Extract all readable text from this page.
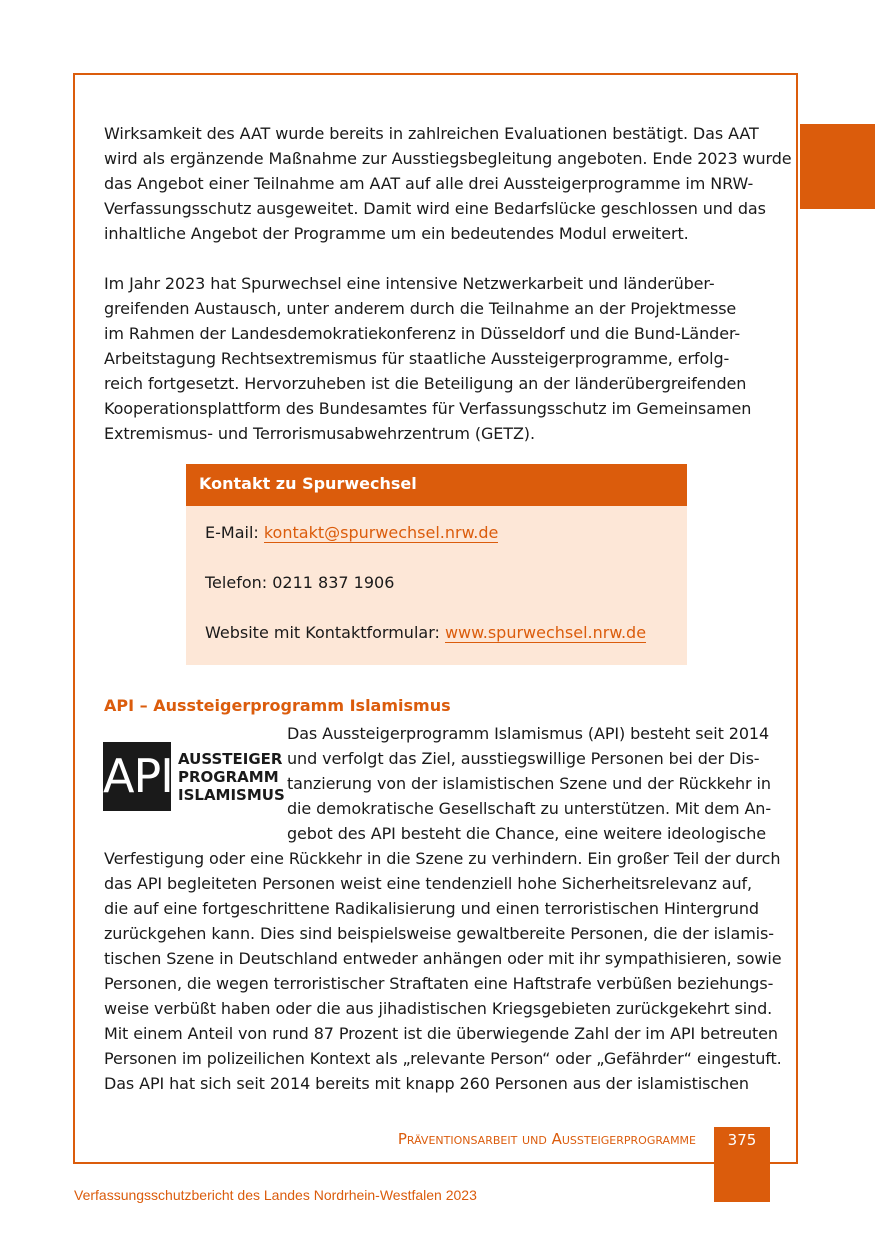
Wirksamkeit des AAT wurde bereits in zahlreichen Evaluationen bestätigt. Das AAT
wird als ergänzende Maßnahme zur Ausstiegsbegleitung angeboten. Ende 2023 wurde
das Angebot einer Teilnahme am AAT auf alle drei Aussteigerprogramme im NRW-
Verfassungsschutz ausgeweitet. Damit wird eine Bedarfslücke geschlossen und das
inhaltliche Angebot der Programme um ein bedeutendes Modul erweitert.

Im Jahr 2023 hat Spurwechsel eine intensive Netzwerkarbeit und länderüber-
greifenden Austausch, unter anderem durch die Teilnahme an der Projektmesse
im Rahmen der Landesdemokratiekonferenz in Düsseldorf und die Bund-Länder-
Arbeitstagung Rechtsextremismus für staatliche Aussteigerprogramme, erfolg-
reich fortgesetzt. Hervorzuheben ist die Beteiligung an der länderübergreifenden
Kooperationsplattform des Bundesamtes für Verfassungsschutz im Gemeinsamen
Extremismus- und Terrorismusabwehrzentrum (GETZ).

Kontakt zu Spurwechsel
E-Mail: kontakt@spurwechsel.nrw.de
Telefon: 0211 837 1906
Website mit Kontaktformular: www.spurwechsel.nrw.de
API – Aussteigerprogramm Islamismus
API AUSSTEIGER
PROGRAMM
ISLAMISMUS
Das Aussteigerprogramm Islamismus (API) besteht seit 2014
und verfolgt das Ziel, ausstiegswillige Personen bei der Dis-
tanzierung von der islamistischen Szene und der Rückkehr in
die demokratische Gesellschaft zu unterstützen. Mit dem An-
gebot des API besteht die Chance, eine weitere ideologische
Verfestigung oder eine Rückkehr in die Szene zu verhindern. Ein großer Teil der durch
das API begleiteten Personen weist eine tendenziell hohe Sicherheitsrelevanz auf,
die auf eine fortgeschrittene Radikalisierung und einen terroristischen Hintergrund
zurückgehen kann. Dies sind beispielsweise gewaltbereite Personen, die der islamis-
tischen Szene in Deutschland entweder anhängen oder mit ihr sympathisieren, sowie
Personen, die wegen terroristischer Straftaten eine Haftstrafe verbüßen beziehungs-
weise verbüßt haben oder die aus jihadistischen Kriegsgebieten zurückgekehrt sind.
Mit einem Anteil von rund 87 Prozent ist die überwiegende Zahl der im API betreuten
Personen im polizeilichen Kontext als „relevante Person“ oder „Gefährder“ eingestuft.
Das API hat sich seit 2014 bereits mit knapp 260 Personen aus der islamistischen
Präventionsarbeit und Aussteigerprogramme	375
Verfassungsschutzbericht des Landes Nordrhein-Westfalen 2023
